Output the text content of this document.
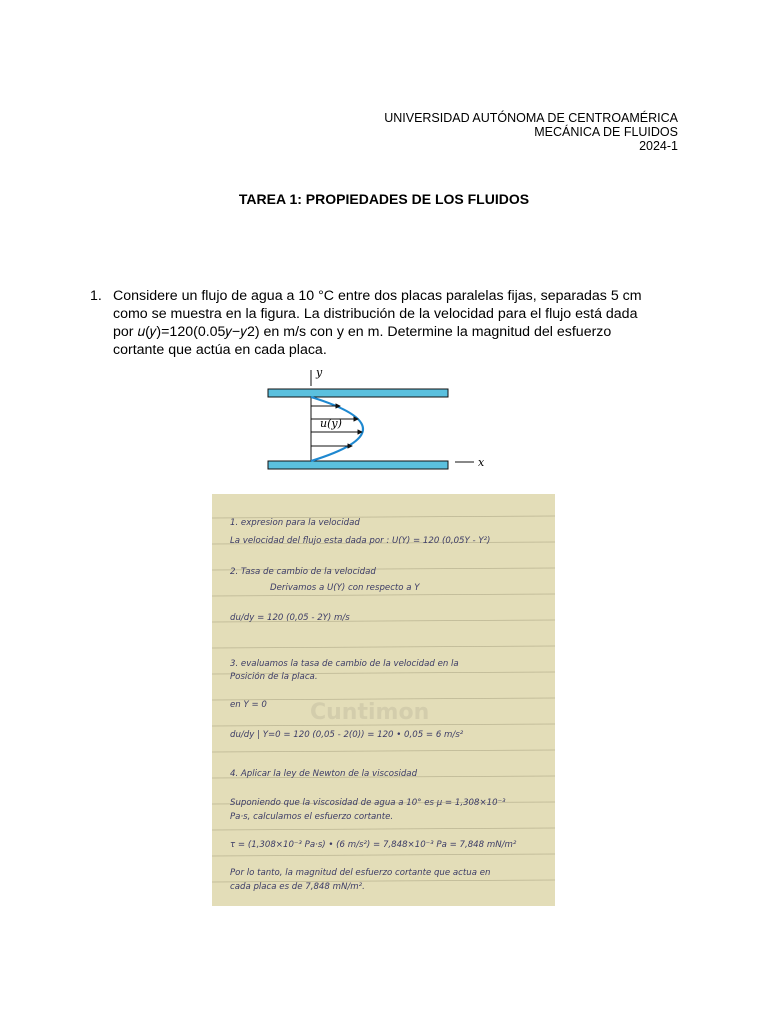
UNIVERSIDAD AUTÓNOMA DE CENTROAMÉRICA
MECÁNICA DE FLUIDOS
2024-1
TAREA 1: PROPIEDADES DE LOS FLUIDOS
1. Considere un flujo de agua a 10 °C entre dos placas paralelas fijas, separadas 5 cm
como se muestra en la figura. La distribución de la velocidad para el flujo está dada
por 𝑢(𝑦)=120(0.05𝑦−𝑦2) en m/s con y en m. Determine la magnitud del esfuerzo
cortante que actúa en cada placa.
y
u(y)
x
Cuntimon
1. expresion para la velocidad
La velocidad del flujo esta dada por : U(Y) = 120 (0,05Y - Y²)
2. Tasa de cambio de la velocidad
Derivamos a U(Y) con respecto a Y
du/dy = 120 (0,05 - 2Y) m/s
3. evaluamos la tasa de cambio de la velocidad en la
Posición de la placa.
en Y = 0
du/dy | Y=0 = 120 (0,05 - 2(0)) = 120 • 0,05 = 6 m/s²
4. Aplicar la ley de Newton de la viscosidad
Suponiendo que la viscosidad de agua a 10° es μ = 1,308×10⁻³
Pa·s, calculamos el esfuerzo cortante.
τ = (1,308×10⁻³ Pa·s) • (6 m/s²) = 7,848×10⁻³ Pa = 7,848 mN/m²
Por lo tanto, la magnitud del esfuerzo cortante que actua en
cada placa es de 7,848 mN/m².
